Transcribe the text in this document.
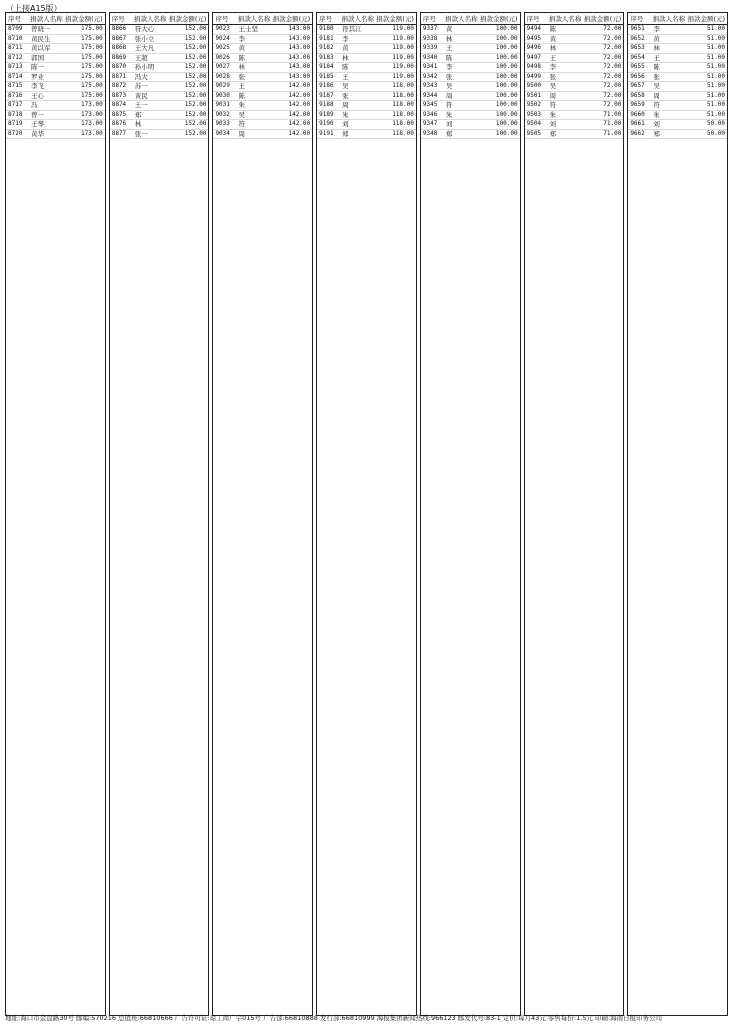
（上接A15版）
序号	捐款人名称 捐款金额(元)
8709	曾晓一	175.00
8710	黄民生	175.00
8711	黄以军	175.00
8712	郭国	175.00
8713	陈一	175.00
8714	罗业	175.00
8715	李飞	175.00
8716	王心	175.00
8717	冯	173.00
8718	曾一	173.00
8719	王琴	173.00
8720	黄华	173.00
序号	捐款人名称 捐款金额(元)
8866	符大心	152.00
8867	张小立	152.00
8868	王大凡	152.00
8869	王超	152.00
8870	孙小明	152.00
8871	冯大	152.00
8872	苏一	152.00
8873	黄民	152.00
8874	王一	152.00
8875	郑	152.00
8876	林	152.00
8877	张一	152.00
序号	捐款人名称 捐款金额(元)
9023	王士坚	143.00
9024	李	143.00
9025	黄	143.00
9026	陈	143.00
9027	林	143.00
9028	张	143.00
9029	王	142.00
9030	陈	142.00
9031	朱	142.00
9032	吴	142.00
9033	符	142.00
9034	周	142.00
序号	捐款人名称 捐款金额(元)
9180	符其江	119.00
9181	李	119.00
9182	黄	119.00
9183	林	119.00
9184	陈	119.00
9185	王	119.00
9186	吴	118.00
9187	张	118.00
9188	周	118.00
9189	朱	118.00
9190	刘	118.00
9191	郑	118.00
序号	捐款人名称 捐款金额(元)
9337	黄	100.00
9338	林	100.00
9339	王	100.00
9340	陈	100.00
9341	李	100.00
9342	张	100.00
9343	吴	100.00
9344	周	100.00
9345	符	100.00
9346	朱	100.00
9347	刘	100.00
9348	郑	100.00
序号	捐款人名称 捐款金额(元)
9494	陈	72.00
9495	黄	72.00
9496	林	72.00
9497	王	72.00
9498	李	72.00
9499	张	72.00
9500	吴	72.00
9501	周	72.00
9502	符	72.00
9503	朱	71.00
9504	刘	71.00
9505	郑	71.00
序号	捐款人名称 捐款金额(元)
9651	李	51.00
9652	黄	51.00
9653	林	51.00
9654	王	51.00
9655	陈	51.00
9656	张	51.00
9657	吴	51.00
9658	周	51.00
9659	符	51.00
9660	朱	51.00
9661	刘	50.00
9662	郑	50.00
地址:海口市金盘路30号 邮编:570216 总值班:66810666 广告许可证:琼工商广字015号 广告部:66810888 发行部:66810999 海报集团新闻热线:966123 邮发代号:83-1 定价:每月43元 零售每份:1.5元 印刷:海南日报印务公司
